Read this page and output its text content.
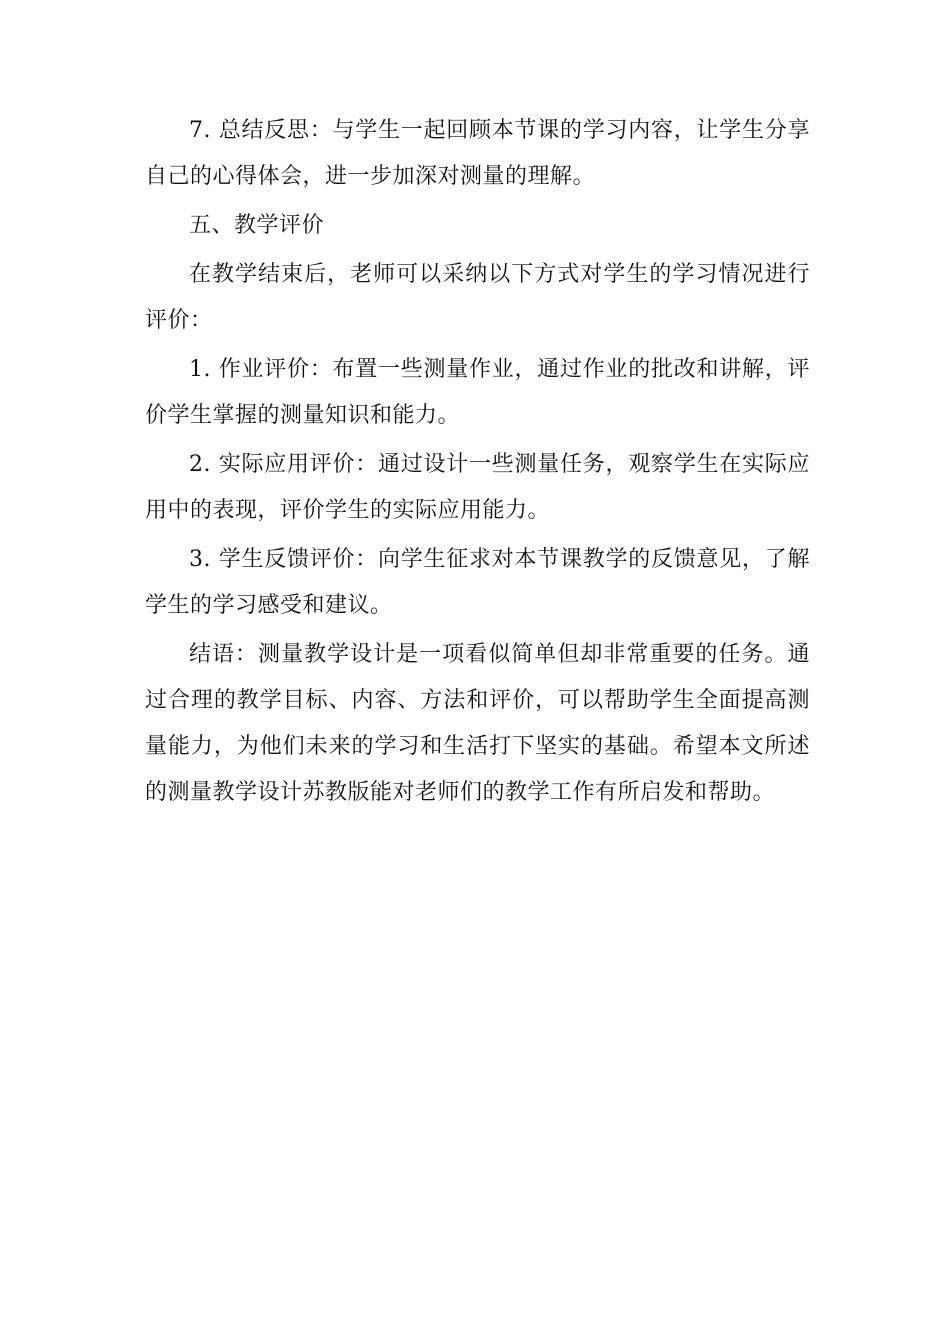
7. 总结反思：与学生一起回顾本节课的学习内容，让学生分享自己的心得体会，进一步加深对测量的理解。

五、教学评价

在教学结束后，老师可以采纳以下方式对学生的学习情况进行评价：

1. 作业评价：布置一些测量作业，通过作业的批改和讲解，评价学生掌握的测量知识和能力。

2. 实际应用评价：通过设计一些测量任务，观察学生在实际应用中的表现，评价学生的实际应用能力。

3. 学生反馈评价：向学生征求对本节课教学的反馈意见，了解学生的学习感受和建议。

结语：测量教学设计是一项看似简单但却非常重要的任务。通过合理的教学目标、内容、方法和评价，可以帮助学生全面提高测量能力，为他们未来的学习和生活打下坚实的基础。希望本文所述的测量教学设计苏教版能对老师们的教学工作有所启发和帮助。
